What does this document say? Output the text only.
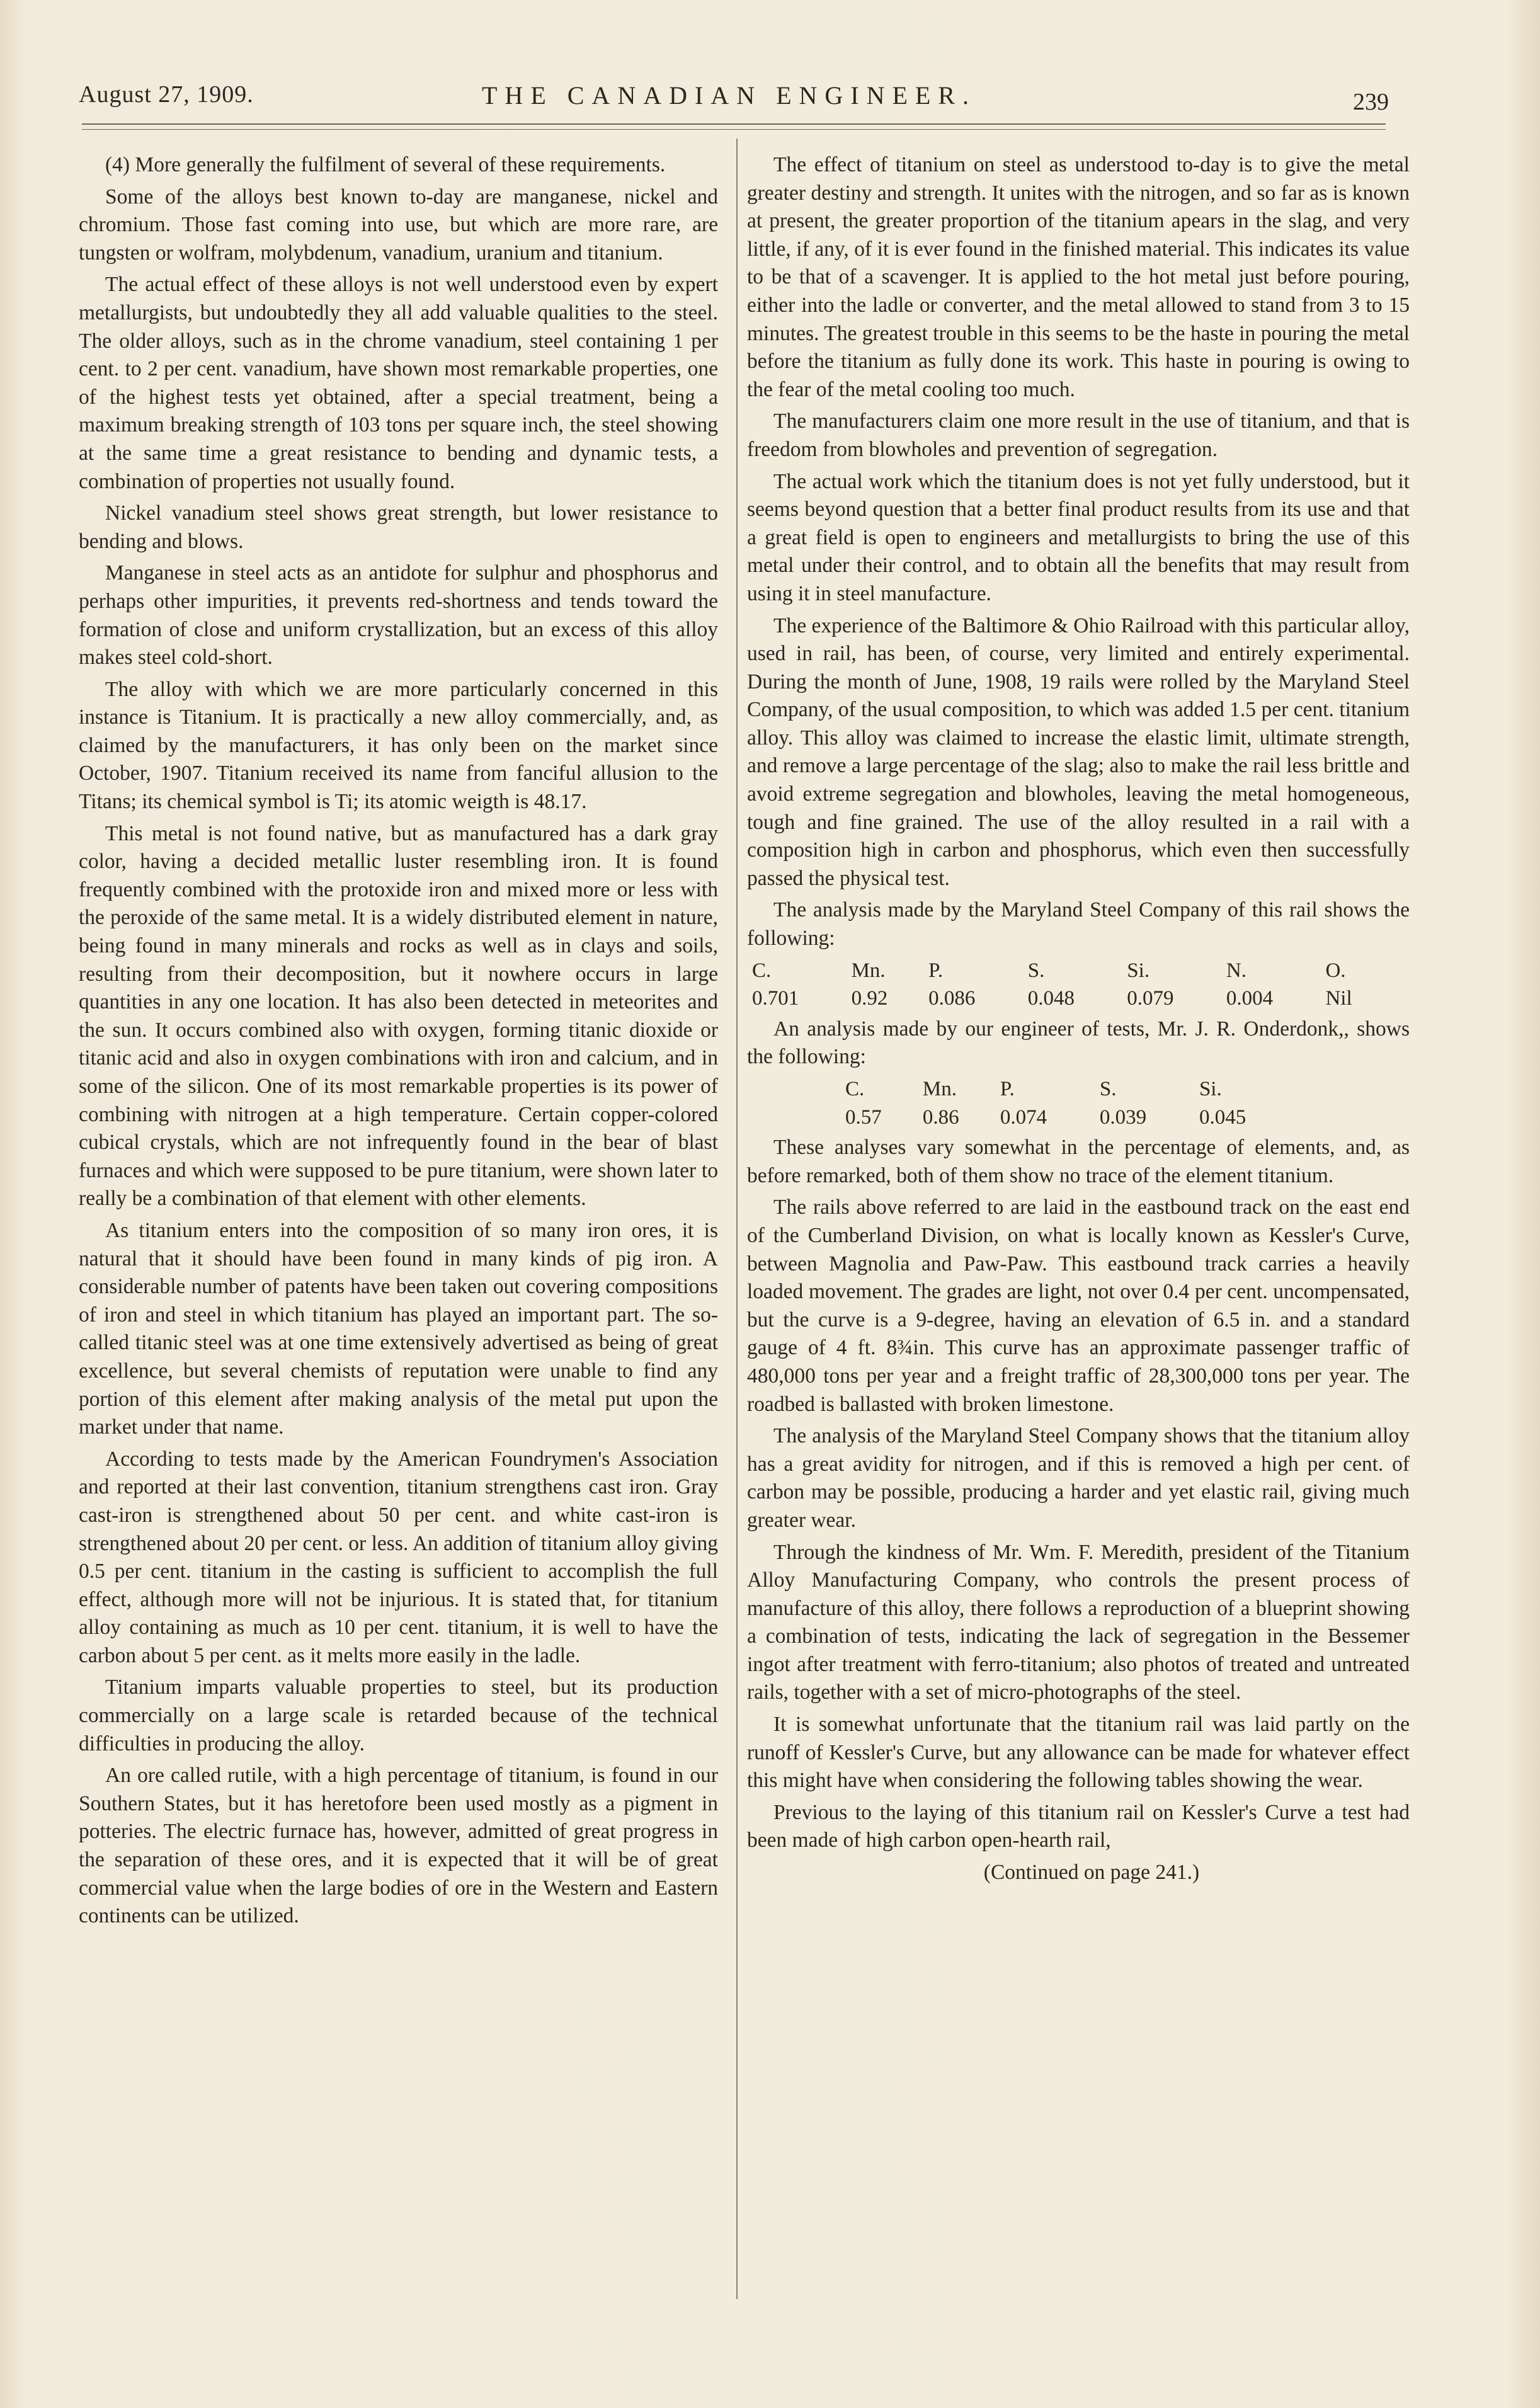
August 27, 1909.	THE CANADIAN ENGINEER.	239

(4) More generally the fulfilment of several of these requirements.

Some of the alloys best known to-day are manganese, nickel and chromium. Those fast coming into use, but which are more rare, are tungsten or wolfram, molybdenum, vanadium, uranium and titanium.

The actual effect of these alloys is not well understood even by expert metallurgists, but undoubtedly they all add valuable qualities to the steel. The older alloys, such as in the chrome vanadium, steel containing 1 per cent. to 2 per cent. vanadium, have shown most remarkable properties, one of the highest tests yet obtained, after a special treatment, being a maximum breaking strength of 103 tons per square inch, the steel showing at the same time a great resistance to bending and dynamic tests, a combination of properties not usually found.

Nickel vanadium steel shows great strength, but lower resistance to bending and blows.

Manganese in steel acts as an antidote for sulphur and phosphorus and perhaps other impurities, it prevents red-shortness and tends toward the formation of close and uniform crystallization, but an excess of this alloy makes steel cold-short.

The alloy with which we are more particularly concerned in this instance is Titanium. It is practically a new alloy commercially, and, as claimed by the manufacturers, it has only been on the market since October, 1907. Titanium received its name from fanciful allusion to the Titans; its chemical symbol is Ti; its atomic weigth is 48.17.

This metal is not found native, but as manufactured has a dark gray color, having a decided metallic luster resembling iron. It is found frequently combined with the protoxide iron and mixed more or less with the peroxide of the same metal. It is a widely distributed element in nature, being found in many minerals and rocks as well as in clays and soils, resulting from their decomposition, but it nowhere occurs in large quantities in any one location. It has also been detected in meteorites and the sun. It occurs combined also with oxygen, forming titanic dioxide or titanic acid and also in oxygen combinations with iron and calcium, and in some of the silicon. One of its most remarkable properties is its power of combining with nitrogen at a high temperature. Certain copper-colored cubical crystals, which are not infrequently found in the bear of blast furnaces and which were supposed to be pure titanium, were shown later to really be a combination of that element with other elements.

As titanium enters into the composition of so many iron ores, it is natural that it should have been found in many kinds of pig iron. A considerable number of patents have been taken out covering compositions of iron and steel in which titanium has played an important part. The so-called titanic steel was at one time extensively advertised as being of great excellence, but several chemists of reputation were unable to find any portion of this element after making analysis of the metal put upon the market under that name.

According to tests made by the American Foundrymen's Association and reported at their last convention, titanium strengthens cast iron. Gray cast-iron is strengthened about 50 per cent. and white cast-iron is strengthened about 20 per cent. or less. An addition of titanium alloy giving 0.5 per cent. titanium in the casting is sufficient to accomplish the full effect, although more will not be injurious. It is stated that, for titanium alloy containing as much as 10 per cent. titanium, it is well to have the carbon about 5 per cent. as it melts more easily in the ladle.

Titanium imparts valuable properties to steel, but its production commercially on a large scale is retarded because of the technical difficulties in producing the alloy.

An ore called rutile, with a high percentage of titanium, is found in our Southern States, but it has heretofore been used mostly as a pigment in potteries. The electric furnace has, however, admitted of great progress in the separation of these ores, and it is expected that it will be of great commercial value when the large bodies of ore in the Western and Eastern continents can be utilized.

The effect of titanium on steel as understood to-day is to give the metal greater destiny and strength. It unites with the nitrogen, and so far as is known at present, the greater proportion of the titanium apears in the slag, and very little, if any, of it is ever found in the finished material. This indicates its value to be that of a scavenger. It is applied to the hot metal just before pouring, either into the ladle or converter, and the metal allowed to stand from 3 to 15 minutes. The greatest trouble in this seems to be the haste in pouring the metal before the titanium as fully done its work. This haste in pouring is owing to the fear of the metal cooling too much.

The manufacturers claim one more result in the use of titanium, and that is freedom from blowholes and prevention of segregation.

The actual work which the titanium does is not yet fully understood, but it seems beyond question that a better final product results from its use and that a great field is open to engineers and metallurgists to bring the use of this metal under their control, and to obtain all the benefits that may result from using it in steel manufacture.

The experience of the Baltimore & Ohio Railroad with this particular alloy, used in rail, has been, of course, very limited and entirely experimental. During the month of June, 1908, 19 rails were rolled by the Maryland Steel Company, of the usual composition, to which was added 1.5 per cent. titanium alloy. This alloy was claimed to increase the elastic limit, ultimate strength, and remove a large percentage of the slag; also to make the rail less brittle and avoid extreme segregation and blowholes, leaving the metal homogeneous, tough and fine grained. The use of the alloy resulted in a rail with a composition high in carbon and phosphorus, which even then successfully passed the physical test.

The analysis made by the Maryland Steel Company of this rail shows the following:

C.	Mn.	P.	S.	Si.	N.	O.
0.701	0.92	0.086	0.048	0.079	0.004	Nil

An analysis made by our engineer of tests, Mr. J. R. Onderdonk,, shows the following:

C.	Mn.	P.	S.	Si.
0.57	0.86	0.074	0.039	0.045

These analyses vary somewhat in the percentage of elements, and, as before remarked, both of them show no trace of the element titanium.

The rails above referred to are laid in the eastbound track on the east end of the Cumberland Division, on what is locally known as Kessler's Curve, between Magnolia and Paw-Paw. This eastbound track carries a heavily loaded movement. The grades are light, not over 0.4 per cent. uncompensated, but the curve is a 9-degree, having an elevation of 6.5 in. and a standard gauge of 4 ft. 8¾in. This curve has an approximate passenger traffic of 480,000 tons per year and a freight traffic of 28,300,000 tons per year. The roadbed is ballasted with broken limestone.

The analysis of the Maryland Steel Company shows that the titanium alloy has a great avidity for nitrogen, and if this is removed a high per cent. of carbon may be possible, producing a harder and yet elastic rail, giving much greater wear.

Through the kindness of Mr. Wm. F. Meredith, president of the Titanium Alloy Manufacturing Company, who controls the present process of manufacture of this alloy, there follows a reproduction of a blueprint showing a combination of tests, indicating the lack of segregation in the Bessemer ingot after treatment with ferro-titanium; also photos of treated and untreated rails, together with a set of micro-photographs of the steel.

It is somewhat unfortunate that the titanium rail was laid partly on the runoff of Kessler's Curve, but any allowance can be made for whatever effect this might have when considering the following tables showing the wear.

Previous to the laying of this titanium rail on Kessler's Curve a test had been made of high carbon open-hearth rail,

(Continued on page 241.)
